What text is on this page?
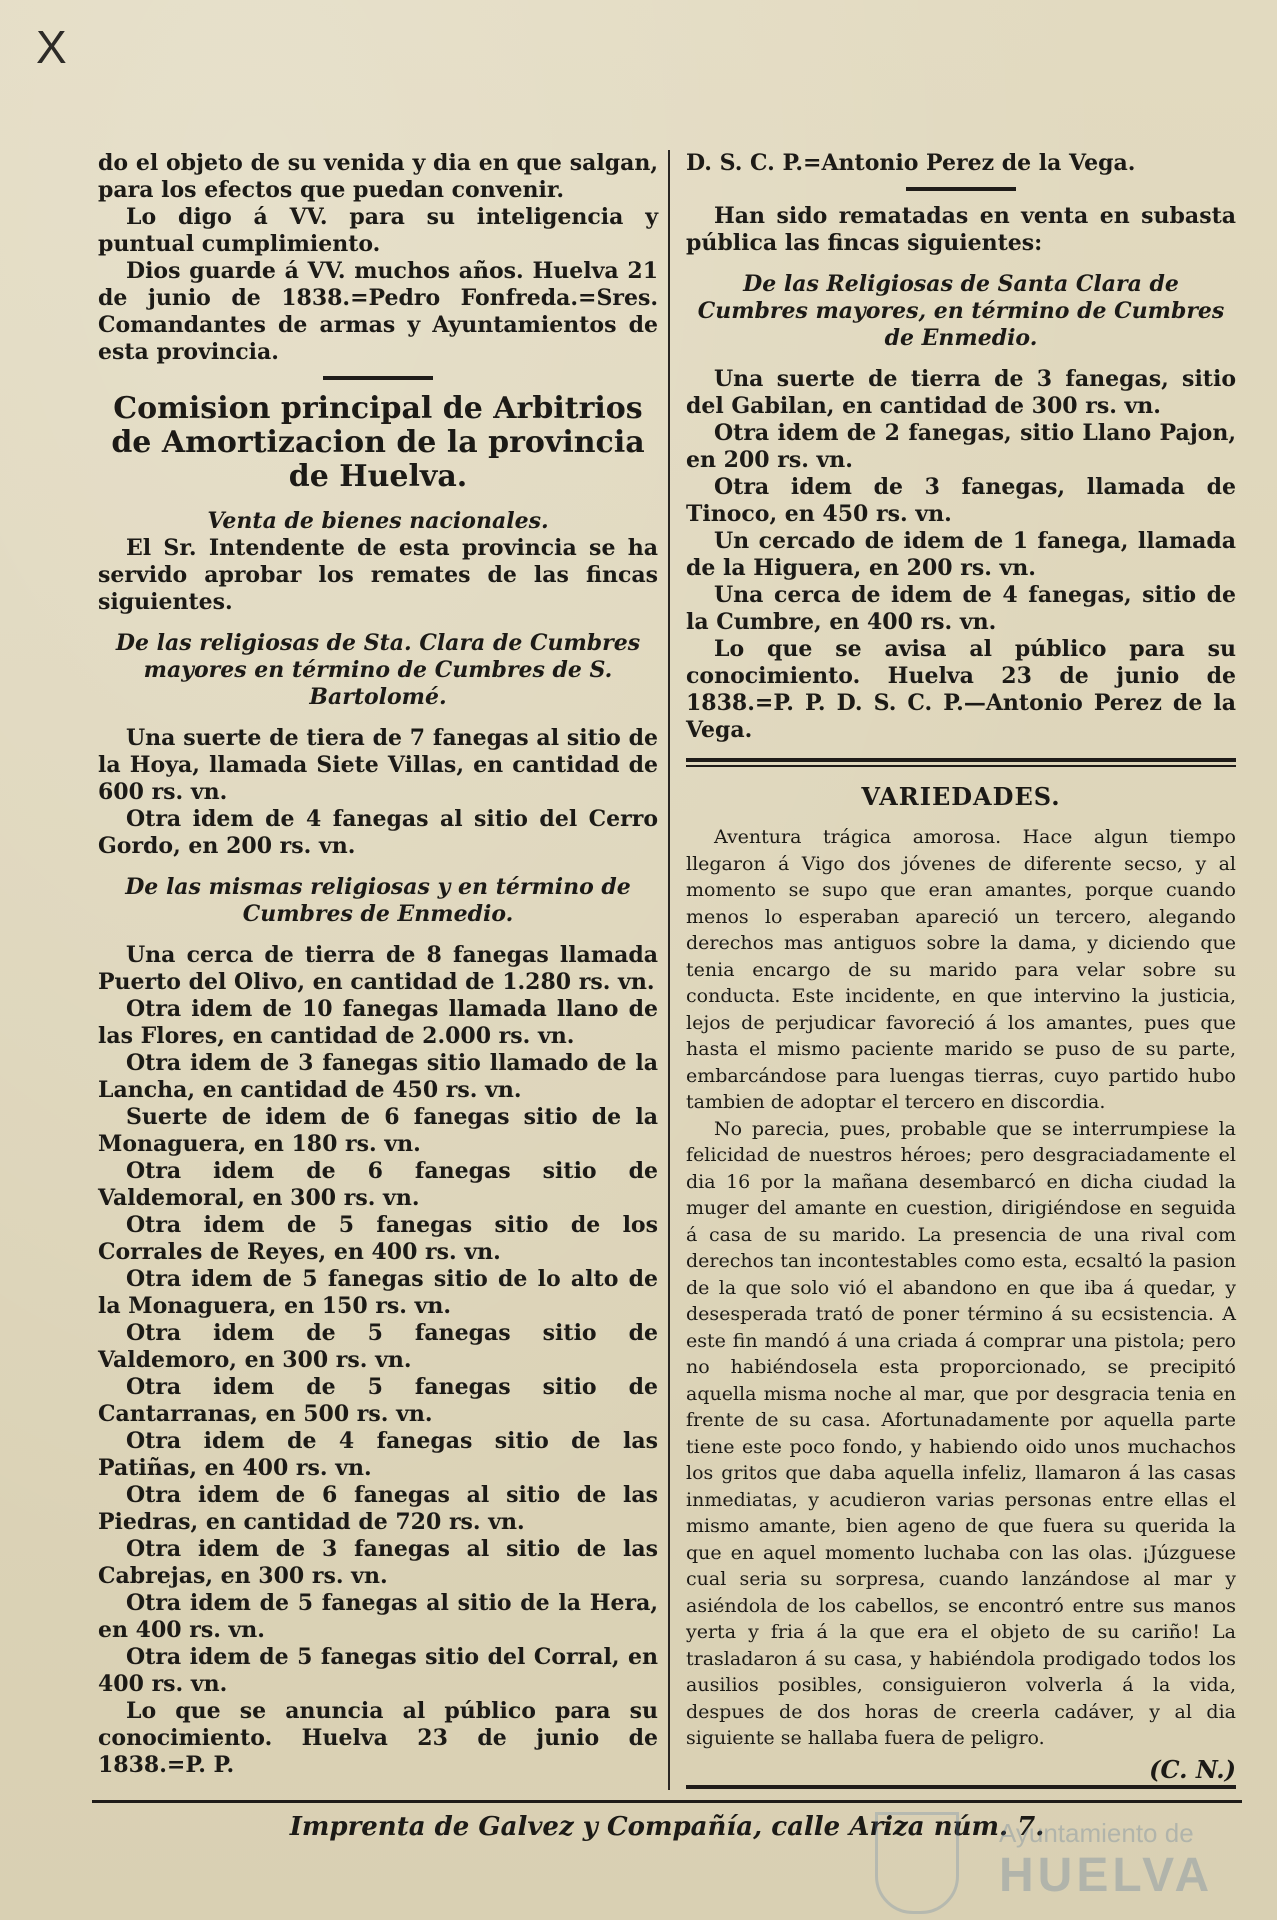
X

do el objeto de su venida y dia en que salgan, para los efectos que puedan convenir.

Lo digo á VV. para su inteligencia y puntual cumplimiento.

Dios guarde á VV. muchos años. Huelva 21 de junio de 1838.=Pedro Fonfreda.=Sres. Comandantes de armas y Ayuntamientos de esta provincia.

Comision principal de Arbitrios de Amortizacion de la provincia de Huelva.

Venta de bienes nacionales.

El Sr. Intendente de esta provincia se ha servido aprobar los remates de las fincas siguientes.

De las religiosas de Sta. Clara de Cumbres mayores en término de Cumbres de S. Bartolomé.

Una suerte de tiera de 7 fanegas al sitio de la Hoya, llamada Siete Villas, en cantidad de 600 rs. vn.

Otra idem de 4 fanegas al sitio del Cerro Gordo, en 200 rs. vn.

De las mismas religiosas y en término de Cumbres de Enmedio.

Una cerca de tierra de 8 fanegas llamada Puerto del Olivo, en cantidad de 1.280 rs. vn.

Otra idem de 10 fanegas llamada llano de las Flores, en cantidad de 2.000 rs. vn.

Otra idem de 3 fanegas sitio llamado de la Lancha, en cantidad de 450 rs. vn.

Suerte de idem de 6 fanegas sitio de la Monaguera, en 180 rs. vn.

Otra idem de 6 fanegas sitio de Valdemoral, en 300 rs. vn.

Otra idem de 5 fanegas sitio de los Corrales de Reyes, en 400 rs. vn.

Otra idem de 5 fanegas sitio de lo alto de la Monaguera, en 150 rs. vn.

Otra idem de 5 fanegas sitio de Valdemoro, en 300 rs. vn.

Otra idem de 5 fanegas sitio de Cantarranas, en 500 rs. vn.

Otra idem de 4 fanegas sitio de las Patiñas, en 400 rs. vn.

Otra idem de 6 fanegas al sitio de las Piedras, en cantidad de 720 rs. vn.

Otra idem de 3 fanegas al sitio de las Cabrejas, en 300 rs. vn.

Otra idem de 5 fanegas al sitio de la Hera, en 400 rs. vn.

Otra idem de 5 fanegas sitio del Corral, en 400 rs. vn.

Lo que se anuncia al público para su conocimiento. Huelva 23 de junio de 1838.=P. P.

D. S. C. P.=Antonio Perez de la Vega.

Han sido rematadas en venta en subasta pública las fincas siguientes:

De las Religiosas de Santa Clara de Cumbres mayores, en término de Cumbres de Enmedio.

Una suerte de tierra de 3 fanegas, sitio del Gabilan, en cantidad de 300 rs. vn.

Otra idem de 2 fanegas, sitio Llano Pajon, en 200 rs. vn.

Otra idem de 3 fanegas, llamada de Tinoco, en 450 rs. vn.

Un cercado de idem de 1 fanega, llamada de la Higuera, en 200 rs. vn.

Una cerca de idem de 4 fanegas, sitio de la Cumbre, en 400 rs. vn.

Lo que se avisa al público para su conocimiento. Huelva 23 de junio de 1838.=P. P. D. S. C. P.—Antonio Perez de la Vega.

VARIEDADES.

Aventura trágica amorosa. Hace algun tiempo llegaron á Vigo dos jóvenes de diferente secso, y al momento se supo que eran amantes, porque cuando menos lo esperaban apareció un tercero, alegando derechos mas antiguos sobre la dama, y diciendo que tenia encargo de su marido para velar sobre su conducta. Este incidente, en que intervino la justicia, lejos de perjudicar favoreció á los amantes, pues que hasta el mismo paciente marido se puso de su parte, embarcándose para luengas tierras, cuyo partido hubo tambien de adoptar el tercero en discordia.

No parecia, pues, probable que se interrumpiese la felicidad de nuestros héroes; pero desgraciadamente el dia 16 por la mañana desembarcó en dicha ciudad la muger del amante en cuestion, dirigiéndose en seguida á casa de su marido. La presencia de una rival com derechos tan incontestables como esta, ecsaltó la pasion de la que solo vió el abandono en que iba á quedar, y desesperada trató de poner término á su ecsistencia. A este fin mandó á una criada á comprar una pistola; pero no habiéndosela esta proporcionado, se precipitó aquella misma noche al mar, que por desgracia tenia en frente de su casa. Afortunadamente por aquella parte tiene este poco fondo, y habiendo oido unos muchachos los gritos que daba aquella infeliz, llamaron á las casas inmediatas, y acudieron varias personas entre ellas el mismo amante, bien ageno de que fuera su querida la que en aquel momento luchaba con las olas. ¡Júzguese cual seria su sorpresa, cuando lanzándose al mar y asiéndola de los cabellos, se encontró entre sus manos yerta y fria á la que era el objeto de su cariño! La trasladaron á su casa, y habiéndola prodigado todos los ausilios posibles, consiguieron volverla á la vida, despues de dos horas de creerla cadáver, y al dia siguiente se hallaba fuera de peligro.

(C. N.)
Imprenta de Galvez y Compañía, calle Ariza núm. 7.
Ayuntamiento de
HUELVA
